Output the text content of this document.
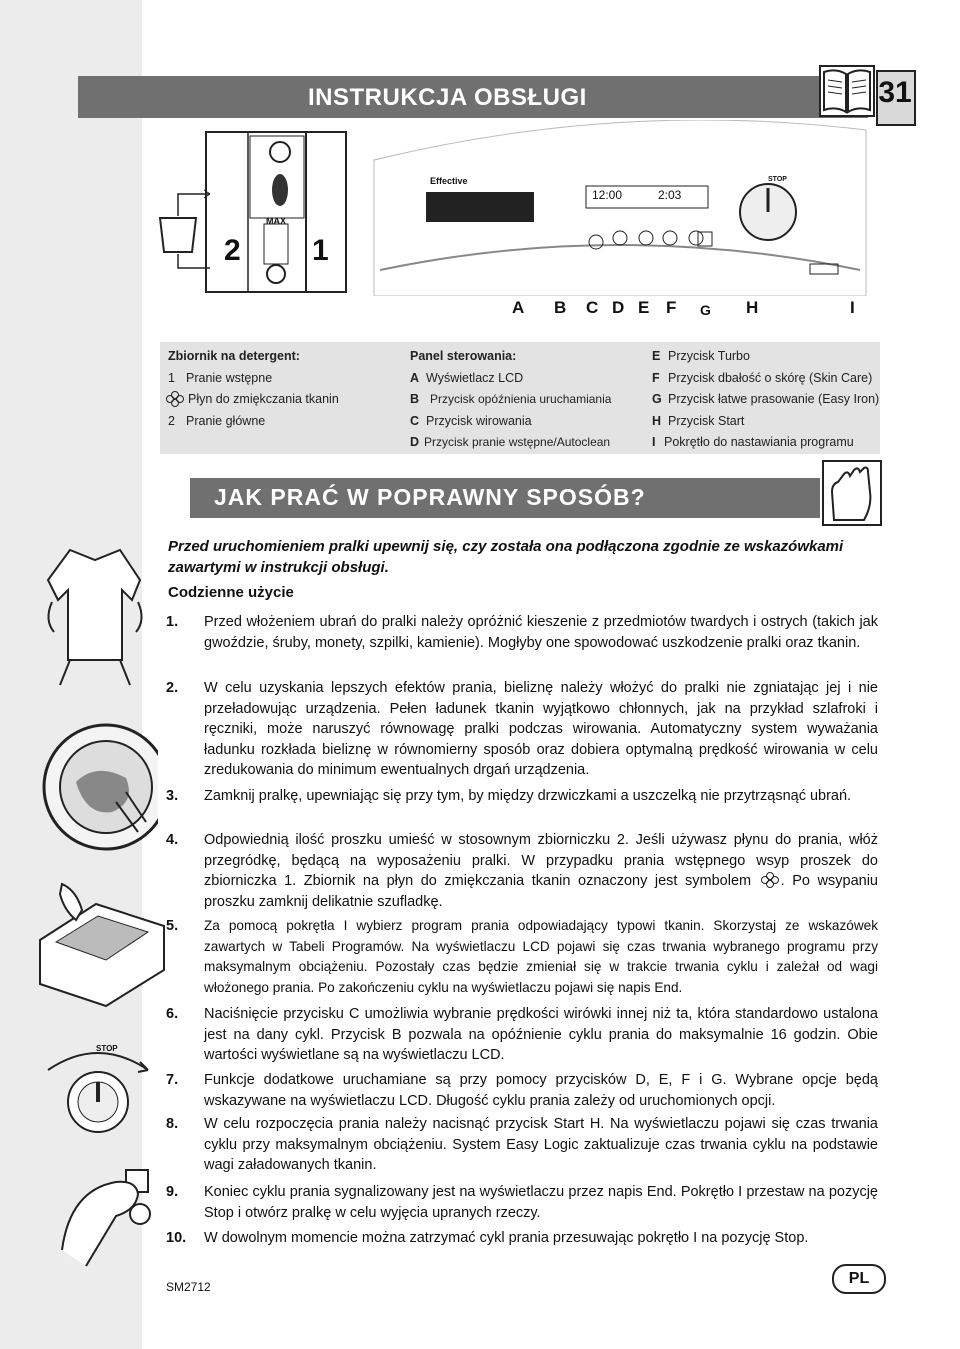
INSTRUKCJA OBSŁUGI	31
2 1
MAX
Effective
12:00	2:03
STOP
A B C D E F G H	I
Zbiornik na detergent:
1 Pranie wstępne
Płyn do zmiękczania tkanin
2 Pranie główne
Panel sterowania:
A Wyświetlacz LCD
B Przycisk opóźnienia uruchamiania
C Przycisk wirowania
D Przycisk pranie wstępne/Autoclean
E Przycisk Turbo
F Przycisk dbałość o skórę (Skin Care)
G Przycisk łatwe prasowanie (Easy Iron)
H Przycisk Start
I Pokrętło do nastawiania programu
JAK PRAĆ W POPRAWNY SPOSÓB?
STOP
Przed uruchomieniem pralki upewnij się, czy została ona podłączona zgodnie ze wskazówkami zawartymi w instrukcji obsługi.
Codzienne użycie
1. Przed włożeniem ubrań do pralki należy opróżnić kieszenie z przedmiotów twardych i ostrych (takich jak gwoździe, śruby, monety, szpilki, kamienie). Mogłyby one spowodować uszkodzenie pralki oraz tkanin.
2. W celu uzyskania lepszych efektów prania, bieliznę należy włożyć do pralki nie zgniatając jej i nie przeładowując urządzenia. Pełen ładunek tkanin wyjątkowo chłonnych, jak na przykład szlafroki i ręczniki, może naruszyć równowagę pralki podczas wirowania. Automatyczny system wyważania ładunku rozkłada bieliznę w równomierny sposób oraz dobiera optymalną prędkość wirowania w celu zredukowania do minimum ewentualnych drgań urządzenia.
3. Zamknij pralkę, upewniając się przy tym, by między drzwiczkami a uszczelką nie przytrząsnąć ubrań.
4. Odpowiednią ilość proszku umieść w stosownym zbiorniczku 2. Jeśli używasz płynu do prania, włóż przegródkę, będącą na wyposażeniu pralki. W przypadku prania wstępnego wsyp proszek do zbiorniczka 1. Zbiornik na płyn do zmiękczania tkanin oznaczony jest symbolem . Po wsypaniu proszku zamknij delikatnie szufladkę.
5. Za pomocą pokrętła I wybierz program prania odpowiadający typowi tkanin. Skorzystaj ze wskazówek zawartych w Tabeli Programów. Na wyświetlaczu LCD pojawi się czas trwania wybranego programu przy maksymalnym obciążeniu. Pozostały czas będzie zmieniał się w trakcie trwania cyklu i zależał od wagi włożonego prania. Po zakończeniu cyklu na wyświetlaczu pojawi się napis End.
6. Naciśnięcie przycisku C umożliwia wybranie prędkości wirówki innej niż ta, która standardowo ustalona jest na dany cykl. Przycisk B pozwala na opóźnienie cyklu prania do maksymalnie 16 godzin. Obie wartości wyświetlane są na wyświetlaczu LCD.
7. Funkcje dodatkowe uruchamiane są przy pomocy przycisków D, E, F i G. Wybrane opcje będą wskazywane na wyświetlaczu LCD. Długość cyklu prania zależy od uruchomionych opcji.
8. W celu rozpoczęcia prania należy nacisnąć przycisk Start H. Na wyświetlaczu pojawi się czas trwania cyklu przy maksymalnym obciążeniu. System Easy Logic zaktualizuje czas trwania cyklu na podstawie wagi załadowanych tkanin.
9. Koniec cyklu prania sygnalizowany jest na wyświetlaczu przez napis End. Pokrętło I przestaw na pozycję Stop i otwórz pralkę w celu wyjęcia upranych rzeczy.
10. W dowolnym momencie można zatrzymać cykl prania przesuwając pokrętło I na pozycję Stop.
SM2712	PL
